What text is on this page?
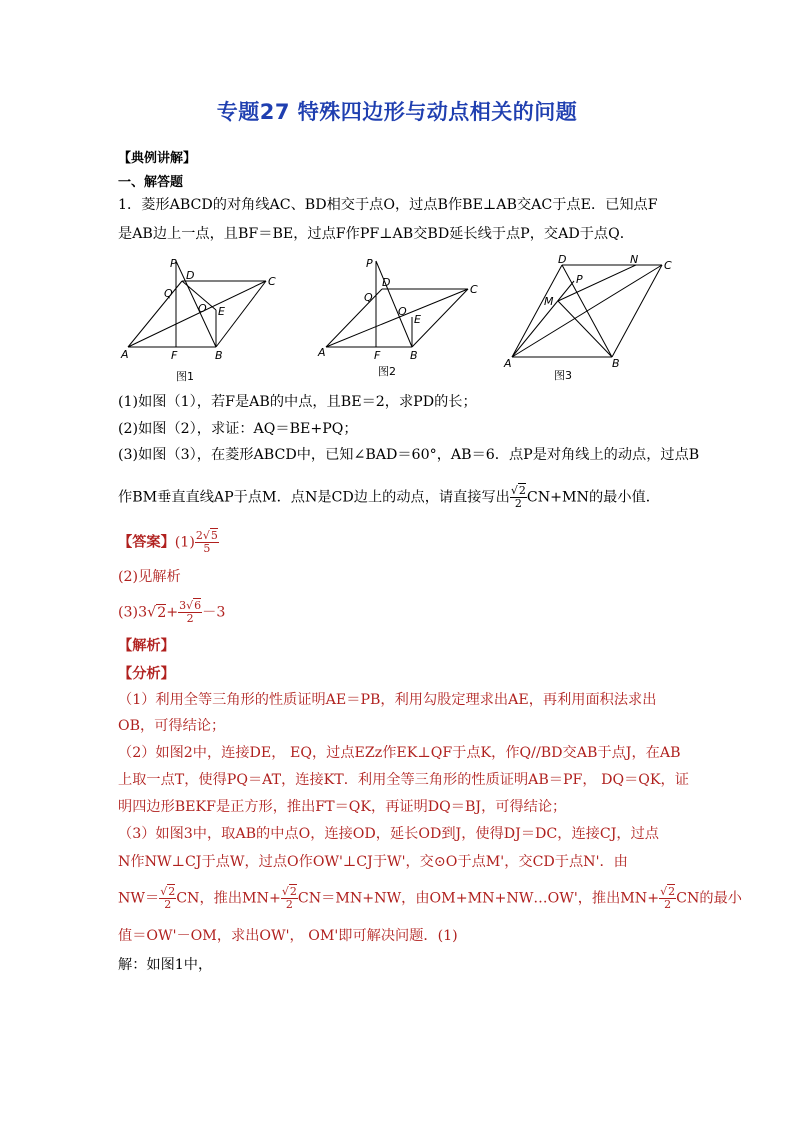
专题27 特殊四边形与动点相关的问题
【典例讲解】
一、解答题
1．菱形ABCD的对角线AC、BD相交于点O，过点B作BE⊥AB交AC于点E．已知点F
是AB边上一点，且BF＝BE，过点F作PF⊥AB交BD延长线于点P，交AD于点Q．
P
D	C
Q
O E
A	F	B
图1
P
D
C
Q
O
E
A	F	B
图2
D	N C
P
M
A	B
图3
(1)如图（1），若F是AB的中点，且BE＝2，求PD的长；
(2)如图（2），求证：AQ＝BE+PQ；
(3)如图（3），在菱形ABCD中，已知∠BAD＝60°，AB＝6．点P是对角线上的动点，过点B
作BM垂直直线AP于点M．点N是CD边上的动点，请直接写出 $\frac{√2}{2} CN+MN$的最小值．
【答案】$(1) \frac{2√5}{5}$
(2)见解析
$(3)3√2+ \frac{3√6}{2} -3$
【解析】
【分析】
（1）利用全等三角形的性质证明AE＝PB，利用勾股定理求出AE，再利用面积法求出
OB，可得结论；
（2）如图2中，连接DE， EQ，过点EZz作EK⊥QF于点K，作Q//BD交AB于点J，在AB
上取一点T，使得PQ＝AT，连接KT．利用全等三角形的性质证明AB＝PF， DQ＝QK，证
明四边形BEKF是正方形，推出FT＝QK，再证明DQ＝BJ，可得结论；
（3）如图3中，取AB的中点O，连接OD，延长OD到J，使得DJ＝DC，连接CJ，过点
N作NW⊥CJ于点W，过点O作OW'⊥CJ于W'，交⊙O于点M'，交CD于点N'．由
$NW= \frac{√2}{2}$ CN，推出$MN+ \frac{√2}{2} CN=MN+NW$，由OM+MN+NW…OW'，推出$MN+ \frac{√2}{2}$ CN的最小
值＝OW'－OM，求出OW'， OM'即可解决问题．(1)
解：如图1中，
